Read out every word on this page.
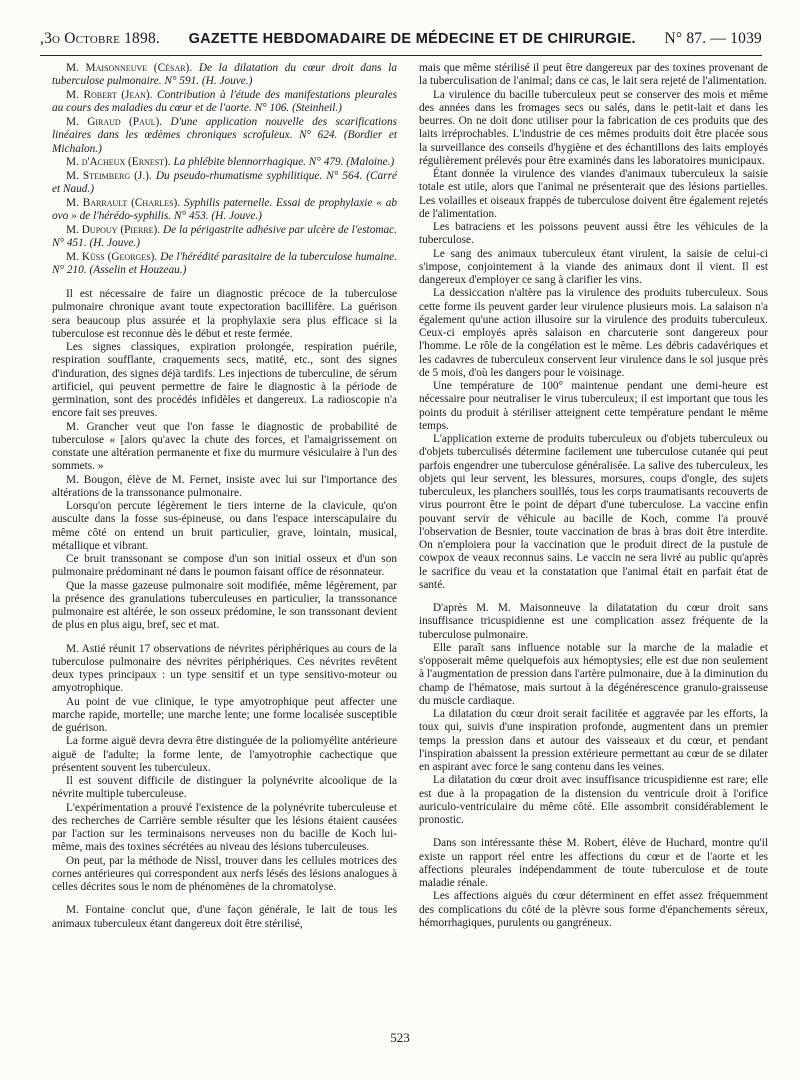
,3o Octobre 1898. GAZETTE HEBDOMADAIRE DE MÉDECINE ET DE CHIRURGIE. N° 87. — 1039

M. Maisonneuve (César). De la dilatation du cœur droit dans la tuberculose pulmonaire. N° 591. (H. Jouve.)

M. Robert (Jean). Contribution à l'étude des manifestations pleurales au cours des maladies du cœur et de l'aorte. N° 106. (Steinheil.)

M. Giraud (Paul). D'une application nouvelle des scarifications linéaires dans les œdèmes chroniques scrofuleux. N° 624. (Bordier et Michalon.)

M. d'Acheux (Ernest). La phlébite blennorrhagique. N° 479. (Maloine.)

M. Steimberg (J.). Du pseudo-rhumatisme syphilitique. N° 564. (Carré et Naud.)

M. Barrault (Charles). Syphilis paternelle. Essai de prophylaxie « ab ovo » de l'hérédo-syphilis. N° 453. (H. Jouve.)

M. Dupouy (Pierre). De la périgastrite adhésive par ulcère de l'estomac. N° 451. (H. Jouve.)

M. Küss (Georges). De l'hérédité parasitaire de la tuberculose humaine. N° 210. (Asselin et Houzeau.)

Il est nécessaire de faire un diagnostic précoce de la tuberculose pulmonaire chronique avant toute expectoration bacillifère. La guérison sera beaucoup plus assurée et la prophylaxie sera plus efficace si la tuberculose est reconnue dès le début et reste fermée.

Les signes classiques, expiration prolongée, respiration puérile, respiration soufflante, craquements secs, matité, etc., sont des signes d'induration, des signes déjà tardifs. Les injections de tuberculine, de sérum artificiel, qui peuvent permettre de faire le diagnostic à la période de germination, sont des procédés infidèles et dangereux. La radioscopie n'a encore fait ses preuves.

M. Grancher veut que l'on fasse le diagnostic de probabilité de tuberculose « [alors qu'avec la chute des forces, et l'amaigrissement on constate une altération permanente et fixe du murmure vésiculaire à l'un des sommets. »

M. Bougon, élève de M. Fernet, insiste avec lui sur l'importance des altérations de la transsonance pulmonaire.

Lorsqu'on percute légèrement le tiers interne de la clavicule, qu'on ausculte dans la fosse sus-épineuse, ou dans l'espace interscapulaire du même côté on entend un bruit particulier, grave, lointain, musical, métallique et vibrant.

Ce bruit transsonant se compose d'un son initial osseux et d'un son pulmonaire prédominant né dans le poumon faisant office de résonnateur.

Que la masse gazeuse pulmonaire soit modifiée, même légèrement, par la présence des granulations tuberculeuses en particulier, la transsonance pulmonaire est altérée, le son osseux prédomine, le son transsonant devient de plus en plus aigu, bref, sec et mat.

M. Astié réunit 17 observations de névrites périphériques au cours de la tuberculose pulmonaire des névrites périphériques. Ces névrites revêtent deux types principaux : un type sensitif et un type sensitivo-moteur ou amyotrophique.

Au point de vue clinique, le type amyotrophique peut affecter une marche rapide, mortelle; une marche lente; une forme localisée susceptible de guérison.

La forme aiguë devra devra être distinguée de la poliomyélite antérieure aiguë de l'adulte; la forme lente, de l'amyotrophie cachectique que présentent souvent les tuberculeux.

Il est souvent difficile de distinguer la polynévrite alcoolique de la névrite multiple tuberculeuse.

L'expérimentation a prouvé l'existence de la polynévrite tuberculeuse et des recherches de Carrière semble résulter que les lésions étaient causées par l'action sur les terminaisons nerveuses non du bacille de Koch lui-même, mais des toxines sécrétées au niveau des lésions tuberculeuses.

On peut, par la méthode de Nissl, trouver dans les cellules motrices des cornes antérieures qui correspondent aux nerfs lésés des lésions analogues à celles décrites sous le nom de phénomènes de la chromatolyse.

M. Fontaine conclut que, d'une façon générale, le lait de tous les animaux tuberculeux étant dangereux doit être stérilisé,

mais que même stérilisé il peut être dangereux par des toxines provenant de la tuberculisation de l'animal; dans ce cas, le lait sera rejeté de l'alimentation.

La virulence du bacille tuberculeux peut se conserver des mois et même des années dans les fromages secs ou salés, dans le petit-lait et dans les beurres. On ne doit donc utiliser pour la fabrication de ces produits que des laits irréprochables. L'industrie de ces mêmes produits doit être placée sous la surveillance des conseils d'hygiène et des échantillons des laits employés régulièrement prélevés pour être examinés dans les laboratoires municipaux.

Étant donnée la virulence des viandes d'animaux tuberculeux la saisie totale est utile, alors que l'animal ne présenterait que des lésions partielles. Les volailles et oiseaux frappés de tuberculose doivent être également rejetés de l'alimentation.

Les batraciens et les poissons peuvent aussi être les véhicules de la tuberculose.

Le sang des animaux tuberculeux étant virulent, la saisie de celui-ci s'impose, conjointement à la viande des animaux dont il vient. Il est dangereux d'employer ce sang à clarifier les vins.

La dessiccation n'altère pas la virulence des produits tuberculeux. Sous cette forme ils peuvent garder leur virulence plusieurs mois. La salaison n'a également qu'une action illusoire sur la virulence des produits tuberculeux. Ceux-ci employés après salaison en charcuterie sont dangereux pour l'homme. Le rôle de la congélation est le même. Les débris cadavériques et les cadavres de tuberculeux conservent leur virulence dans le sol jusque près de 5 mois, d'où les dangers pour le voisinage.

Une température de 100° maintenue pendant une demi-heure est nécessaire pour neutraliser le virus tuberculeux; il est important que tous les points du produit à stériliser atteignent cette température pendant le même temps.

L'application externe de produits tuberculeux ou d'objets tuberculeux ou d'objets tuberculisés détermine facilement une tuberculose cutanée qui peut parfois engendrer une tuberculose généralisée. La salive des tuberculeux, les objets qui leur servent, les blessures, morsures, coups d'ongle, des sujets tuberculeux, les planchers souillés, tous les corps traumatisants recouverts de virus pourront être le point de départ d'une tuberculose. La vaccine enfin pouvant servir de véhicule au bacille de Koch, comme l'a prouvé l'observation de Besnier, toute vaccination de bras à bras doit être interdite. On n'emploiera pour la vaccination que le produit direct de la pustule de cowpox de veaux reconnus sains. Le vaccin ne sera livré au public qu'après le sacrifice du veau et la constatation que l'animal était en parfait état de santé.

D'après M. M. Maisonneuve la dilatatation du cœur droit sans insuffisance tricuspidienne est une complication assez fréquente de la tuberculose pulmonaire.

Elle paraît sans influence notable sur la marche de la maladie et s'opposerait même quelquefois aux hémoptysies; elle est due non seulement à l'augmentation de pression dans l'artère pulmonaire, due à la diminution du champ de l'hématose, mais surtout à la dégénérescence granulo-graisseuse du muscle cardiaque.

La dilatation du cœur droit serait facilitée et aggravée par les efforts, la toux qui, suivis d'une inspiration profonde, augmentent dans un premier temps la pression dans et autour des vaisseaux et du cœur, et pendant l'inspiration abaissent la pression extérieure permettant au cœur de se dilater en aspirant avec force le sang contenu dans les veines.

La dilatation du cœur droit avec insuffisance tricuspidienne est rare; elle est due à la propagation de la distension du ventricule droit à l'orifice auriculo-ventriculaire du même côté. Elle assombrit considérablement le pronostic.

Dans son intéressante thèse M. Robert, élève de Huchard, montre qu'il existe un rapport réel entre les affections du cœur et de l'aorte et les affections pleurales indépendamment de toute tuberculose et de toute maladie rénale.

Les affections aiguës du cœur déterminent en effet assez fréquemment des complications du côté de la plèvre sous forme d'épanchements séreux, hémorrhagiques, purulents ou gangréneux.

523
